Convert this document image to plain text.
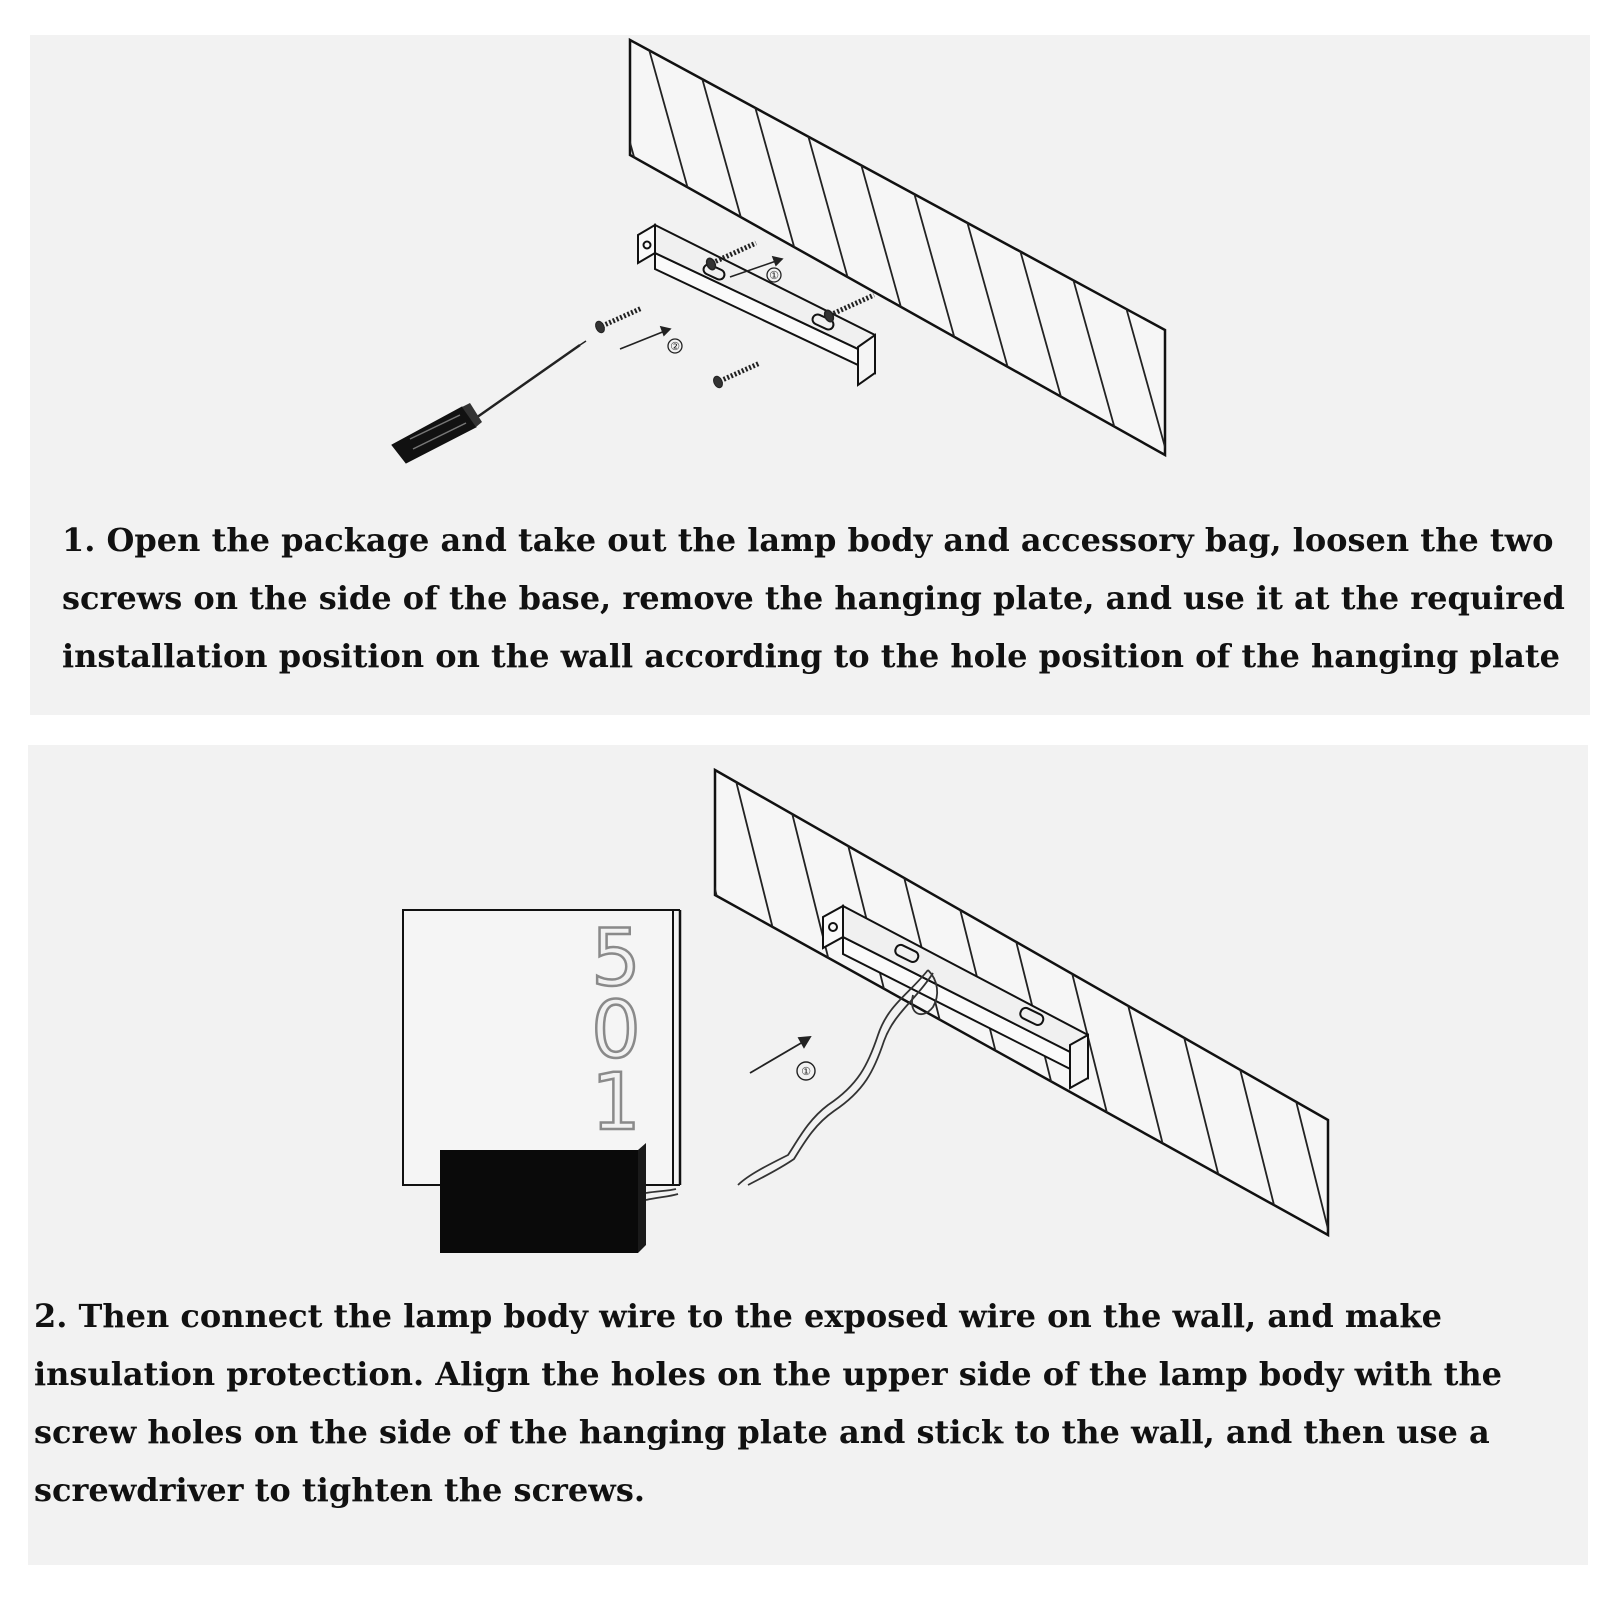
①
②

1. Open the package and take out the lamp body and accessory bag, loosen the two screws on the side of the base, remove the hanging plate, and use it at the required installation position on the wall according to the hole position of the hanging plate

①
5
0
1

2. Then connect the lamp body wire to the exposed wire on the wall, and make insulation protection. Align the holes on the upper side of the lamp body with the screw holes on the side of the hanging plate and stick to the wall, and then use a screwdriver to tighten the screws.
